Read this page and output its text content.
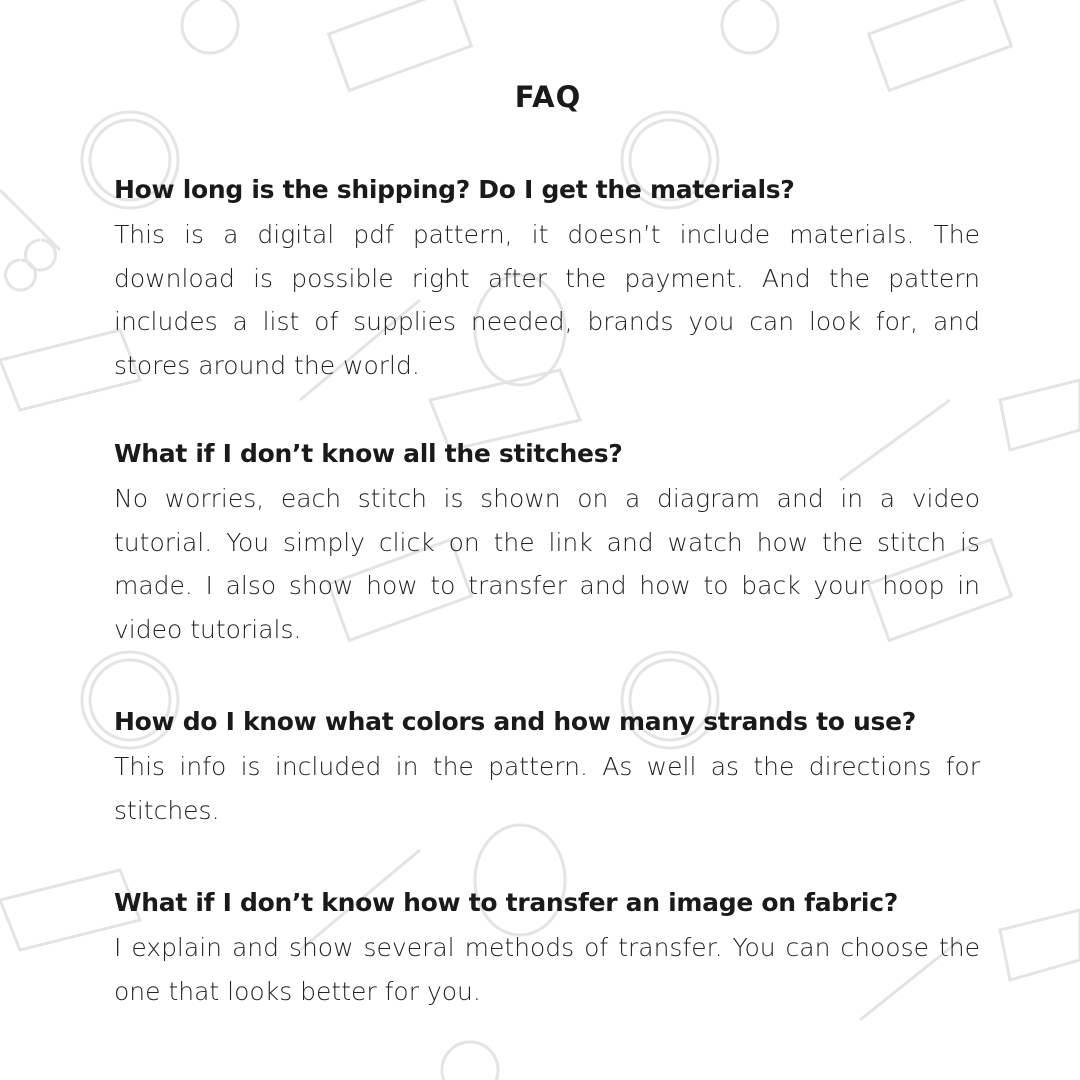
FAQ

How long is the shipping? Do I get the materials?

This is a digital pdf pattern, it doesn’t include materials. The download is possible right after the payment. And the pattern includes a list of supplies needed, brands you can look for, and stores around the world.

What if I don’t know all the stitches?

No worries, each stitch is shown on a diagram and in a video tutorial. You simply click on the link and watch how the stitch is made. I also show how to transfer and how to back your hoop in video tutorials.

How do I know what colors and how many strands to use?

This info is included in the pattern. As well as the directions for stitches.

What if I don’t know how to transfer an image on fabric?

I explain and show several methods of transfer. You can choose the one that looks better for you.
